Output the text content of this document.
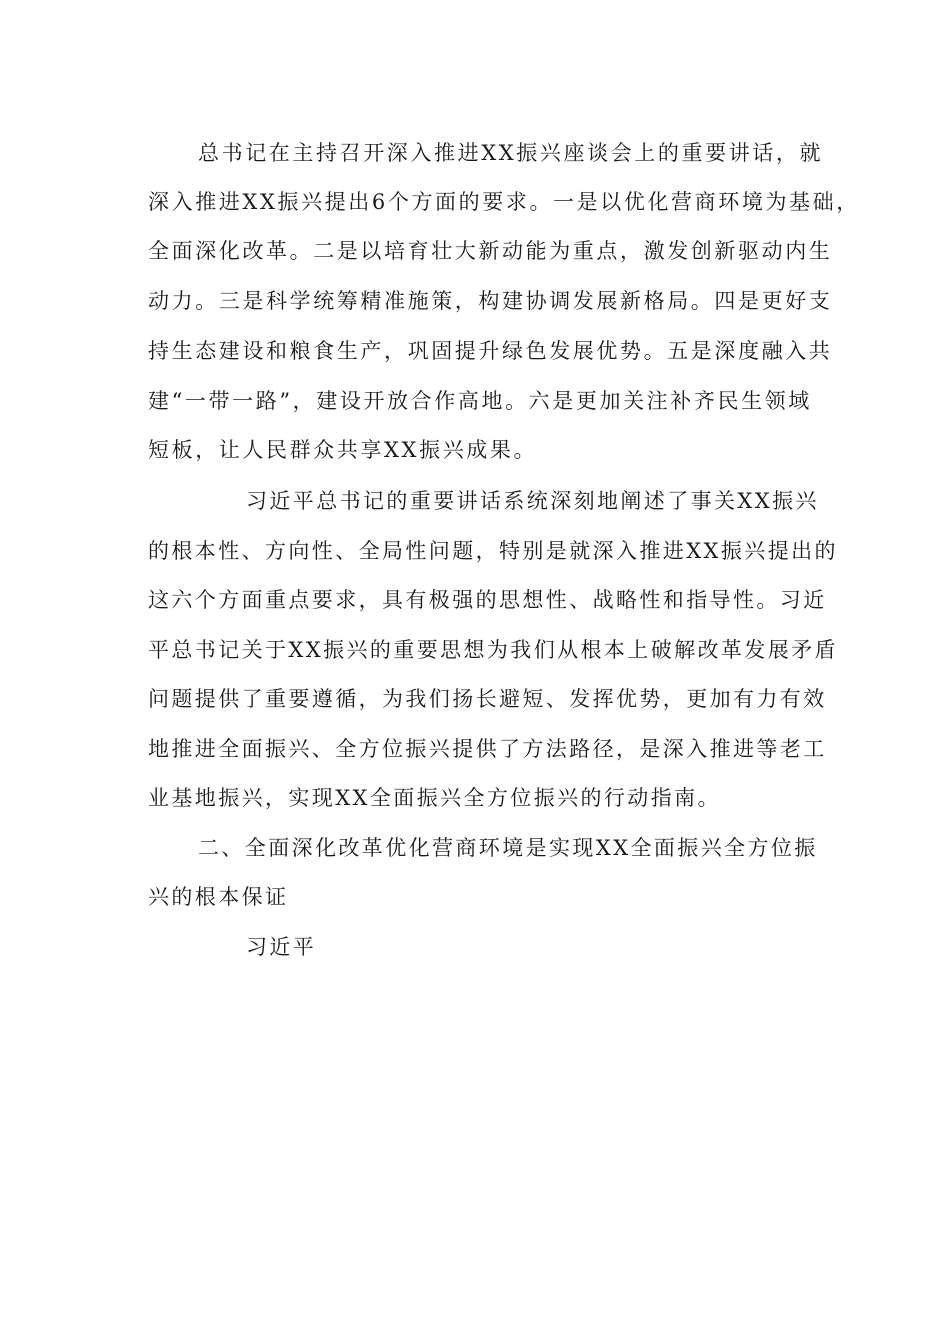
总书记在主持召开深入推进XX振兴座谈会上的重要讲话，就
深入推进XX振兴提出6个方面的要求。一是以优化营商环境为基础，
全面深化改革。二是以培育壮大新动能为重点，激发创新驱动内生
动力。三是科学统筹精准施策，构建协调发展新格局。四是更好支
持生态建设和粮食生产，巩固提升绿色发展优势。五是深度融入共
建“一带一路”，建设开放合作高地。六是更加关注补齐民生领域
短板，让人民群众共享XX振兴成果。
习近平总书记的重要讲话系统深刻地阐述了事关XX振兴
的根本性、方向性、全局性问题，特别是就深入推进XX振兴提出的
这六个方面重点要求，具有极强的思想性、战略性和指导性。习近
平总书记关于XX振兴的重要思想为我们从根本上破解改革发展矛盾
问题提供了重要遵循，为我们扬长避短、发挥优势，更加有力有效
地推进全面振兴、全方位振兴提供了方法路径，是深入推进等老工
业基地振兴，实现XX全面振兴全方位振兴的行动指南。
二、全面深化改革优化营商环境是实现XX全面振兴全方位振
兴的根本保证
习近平
